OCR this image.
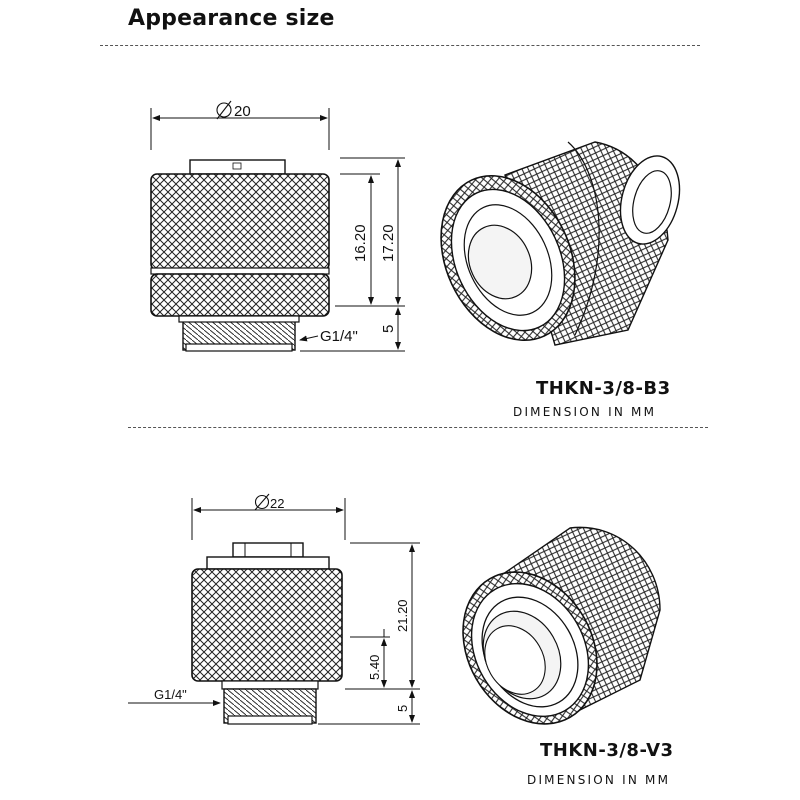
Appearance size
20
16.20 17.20
5
G1/4"
22
21.20
5.40
5
G1/4"
THKN-3/8-B3
DIMENSION IN MM
THKN-3/8-V3
DIMENSION IN MM
